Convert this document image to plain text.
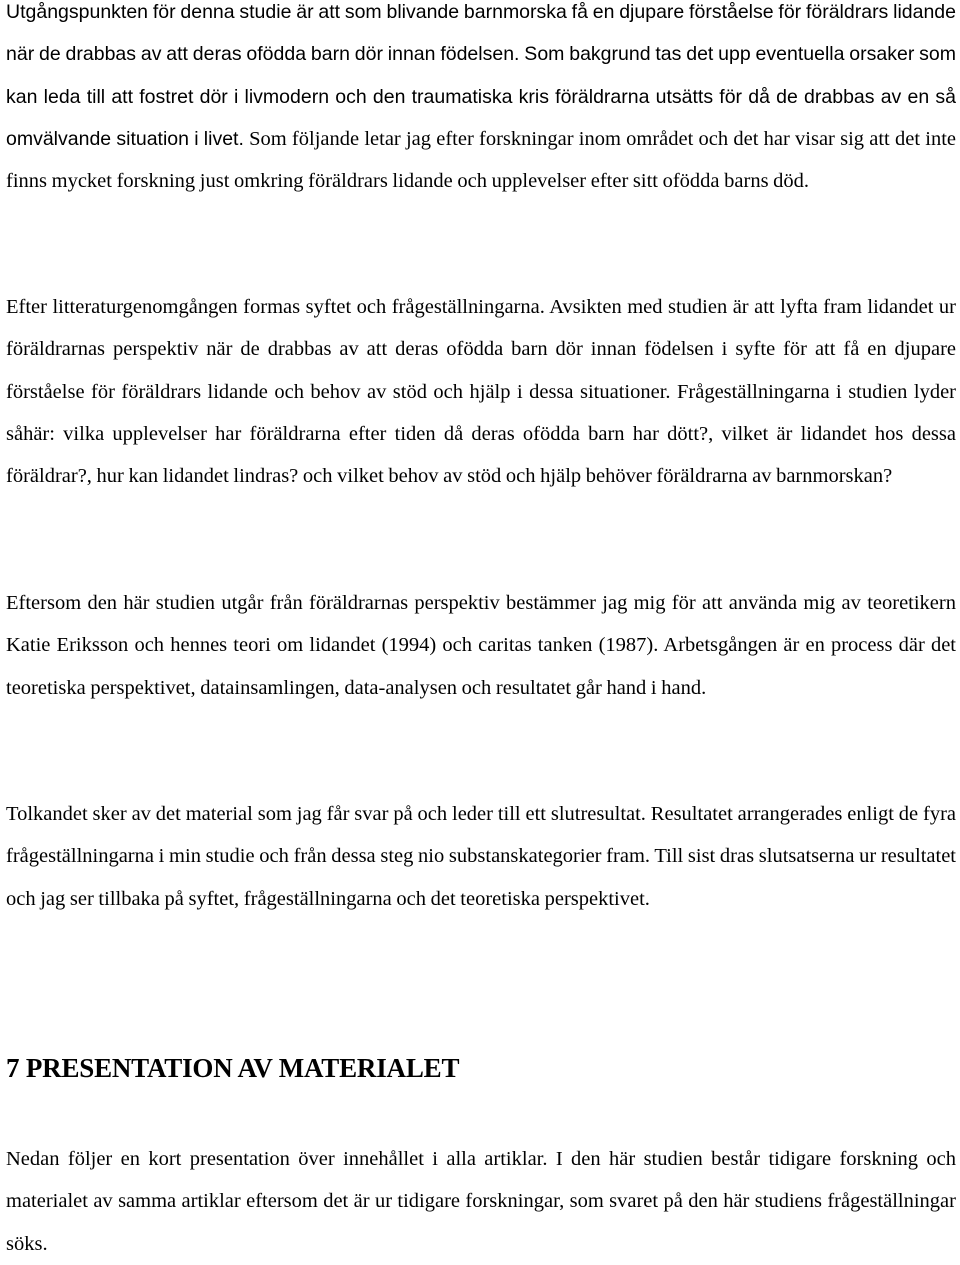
Utgångspunkten för denna studie är att som blivande barnmorska få en djupare förståelse för föräldrars lidande när de drabbas av att deras ofödda barn dör innan födelsen. Som bakgrund tas det upp eventuella orsaker som kan leda till att fostret dör i livmodern och den traumatiska kris föräldrarna utsätts för då de drabbas av en så omvälvande situation i livet. Som följande letar jag efter forskningar inom området och det har visar sig att det inte finns mycket forskning just omkring föräldrars lidande och upplevelser efter sitt ofödda barns död.

Efter litteraturgenomgången formas syftet och frågeställningarna. Avsikten med studien är att lyfta fram lidandet ur föräldrarnas perspektiv när de drabbas av att deras ofödda barn dör innan födelsen i syfte för att få en djupare förståelse för föräldrars lidande och behov av stöd och hjälp i dessa situationer. Frågeställningarna i studien lyder såhär: vilka upplevelser har föräldrarna efter tiden då deras ofödda barn har dött?, vilket är lidandet hos dessa föräldrar?, hur kan lidandet lindras? och vilket behov av stöd och hjälp behöver föräldrarna av barnmorskan?

Eftersom den här studien utgår från föräldrarnas perspektiv bestämmer jag mig för att använda mig av teoretikern Katie Eriksson och hennes teori om lidandet (1994) och caritas tanken (1987). Arbetsgången är en process där det teoretiska perspektivet, datainsamlingen, data-analysen och resultatet går hand i hand.

Tolkandet sker av det material som jag får svar på och leder till ett slutresultat. Resultatet arrangerades enligt de fyra frågeställningarna i min studie och från dessa steg nio substanskategorier fram. Till sist dras slutsatserna ur resultatet och jag ser tillbaka på syftet, frågeställningarna och det teoretiska perspektivet.

7 PRESENTATION AV MATERIALET

Nedan följer en kort presentation över innehållet i alla artiklar. I den här studien består tidigare forskning och materialet av samma artiklar eftersom det är ur tidigare forskningar, som svaret på den här studiens frågeställningar söks.
